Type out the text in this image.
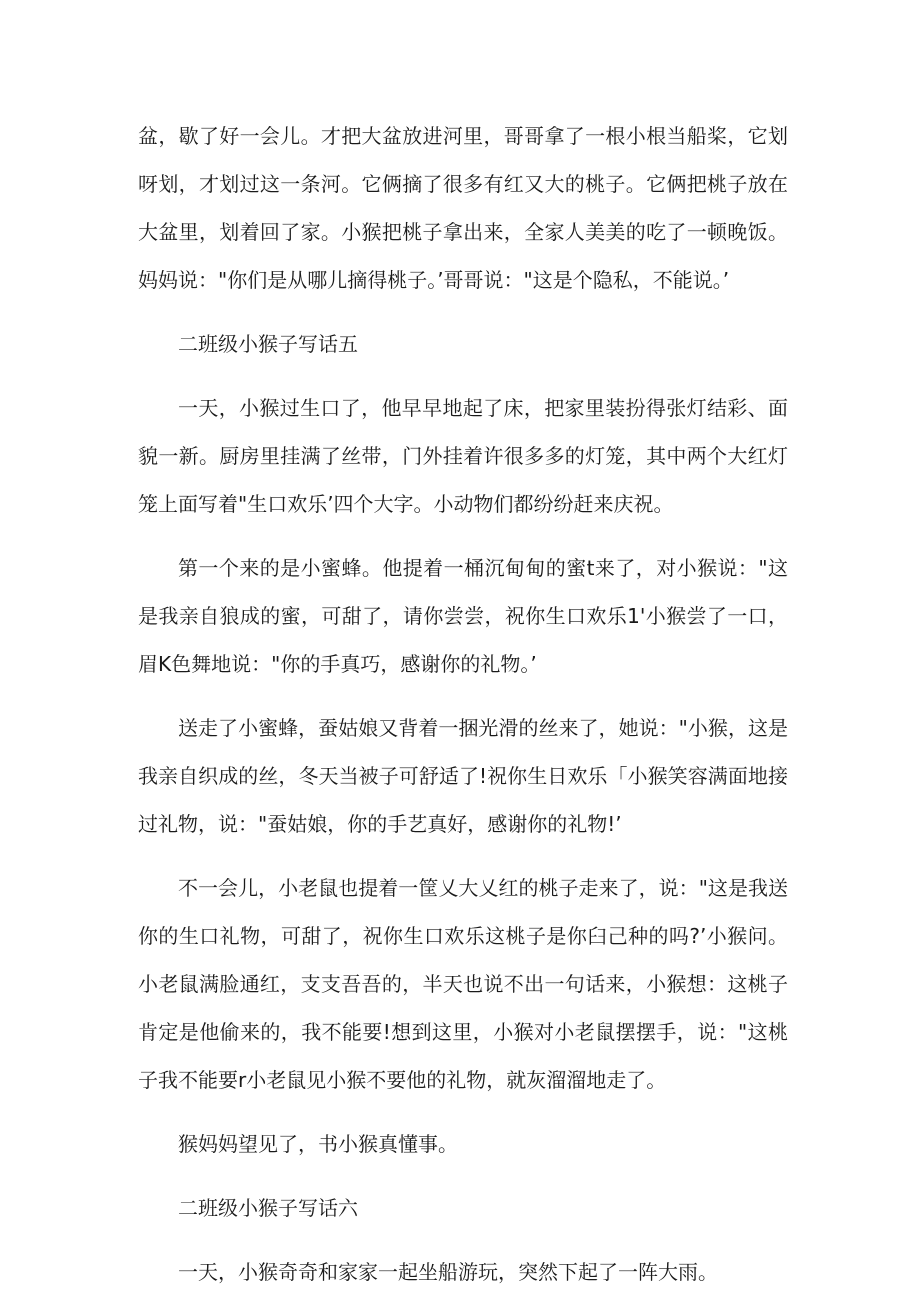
盆，歇了好一会儿。才把大盆放进河里，哥哥拿了一根小根当船桨，它划呀划，才划过这一条河。它俩摘了很多有红又大的桃子。它俩把桃子放在大盆里，划着回了家。小猴把桃子拿出来，全家人美美的吃了一顿晚饭。妈妈说："你们是从哪儿摘得桃子。’哥哥说："这是个隐私，不能说。’

二班级小猴子写话五

一天，小猴过生口了，他早早地起了床，把家里装扮得张灯结彩、面貌一新。厨房里挂满了丝带，门外挂着许很多多的灯笼，其中两个大红灯笼上面写着"生口欢乐’四个大字。小动物们都纷纷赶来庆祝。

第一个来的是小蜜蜂。他提着一桶沉甸甸的蜜t来了，对小猴说："这是我亲自狼成的蜜，可甜了，请你尝尝，祝你生口欢乐1'小猴尝了一口，眉K色舞地说："你的手真巧，感谢你的礼物。’

送走了小蜜蜂，蚕姑娘又背着一捆光滑的丝来了，她说："小猴，这是我亲自织成的丝，冬天当被子可舒适了!祝你生日欢乐「小猴笑容满面地接过礼物，说："蚕姑娘，你的手艺真好，感谢你的礼物!’

不一会儿，小老鼠也提着一筐乂大乂红的桃子走来了，说："这是我送你的生口礼物，可甜了，祝你生口欢乐这桃子是你臼己种的吗?’小猴问。小老鼠满脸通红，支支吾吾的，半天也说不出一句话来，小猴想：这桃子肯定是他偷来的，我不能要!想到这里，小猴对小老鼠摆摆手，说："这桃子我不能要r小老鼠见小猴不要他的礼物，就灰溜溜地走了。

猴妈妈望见了，书小猴真懂事。

二班级小猴子写话六

一天，小猴奇奇和家家一起坐船游玩，突然下起了一阵大雨。
